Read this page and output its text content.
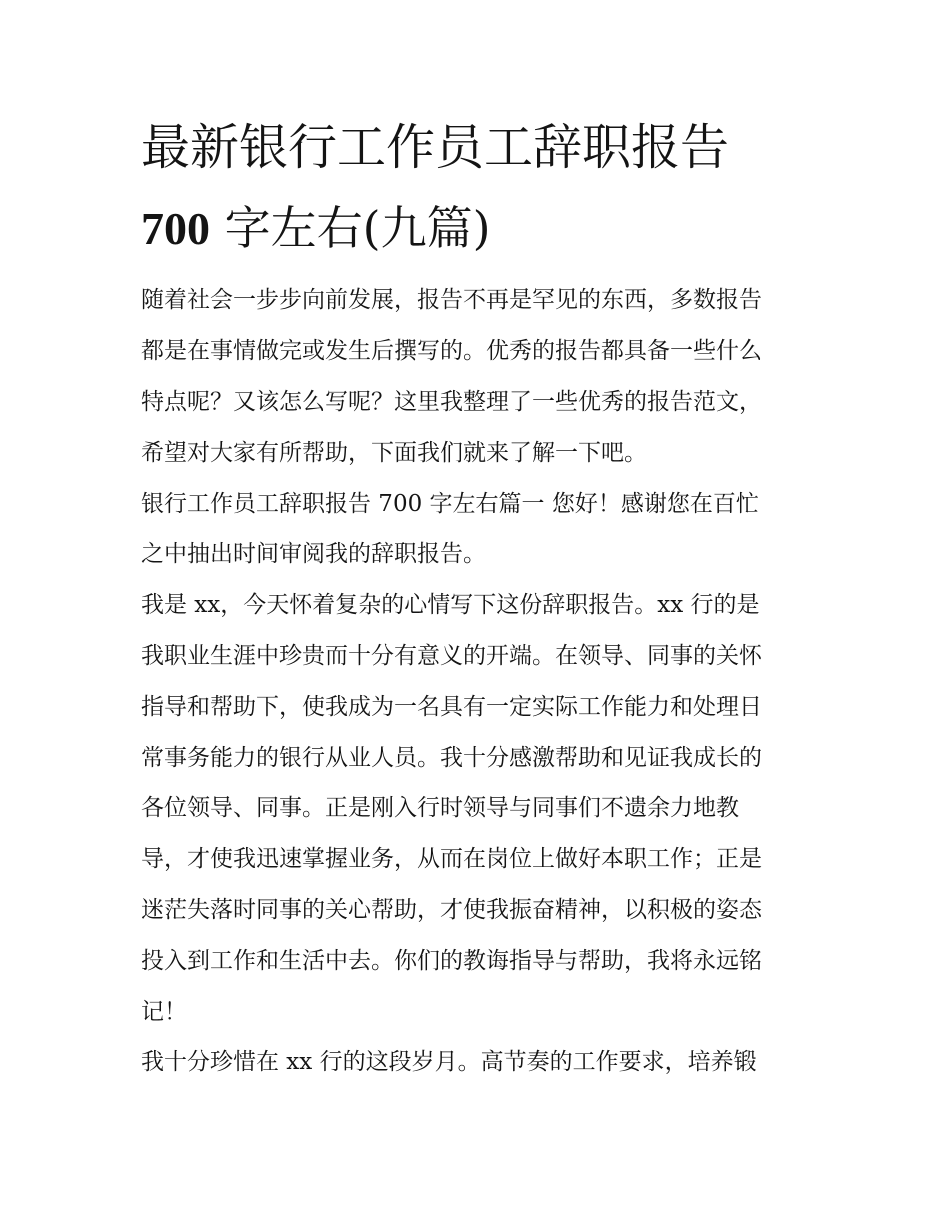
最新银行工作员工辞职报告
700 字左右(九篇)

随着社会一步步向前发展，报告不再是罕见的东西，多数报告

都是在事情做完或发生后撰写的。优秀的报告都具备一些什么

特点呢？又该怎么写呢？这里我整理了一些优秀的报告范文，

希望对大家有所帮助，下面我们就来了解一下吧。

银行工作员工辞职报告 700 字左右篇一 您好！感谢您在百忙

之中抽出时间审阅我的辞职报告。

我是 xx，今天怀着复杂的心情写下这份辞职报告。xx 行的是

我职业生涯中珍贵而十分有意义的开端。在领导、同事的关怀

指导和帮助下，使我成为一名具有一定实际工作能力和处理日

常事务能力的银行从业人员。我十分感激帮助和见证我成长的

各位领导、同事。正是刚入行时领导与同事们不遗余力地教

导，才使我迅速掌握业务，从而在岗位上做好本职工作；正是

迷茫失落时同事的关心帮助，才使我振奋精神，以积极的姿态

投入到工作和生活中去。你们的教诲指导与帮助，我将永远铭

记！

我十分珍惜在 xx 行的这段岁月。高节奏的工作要求，培养锻
